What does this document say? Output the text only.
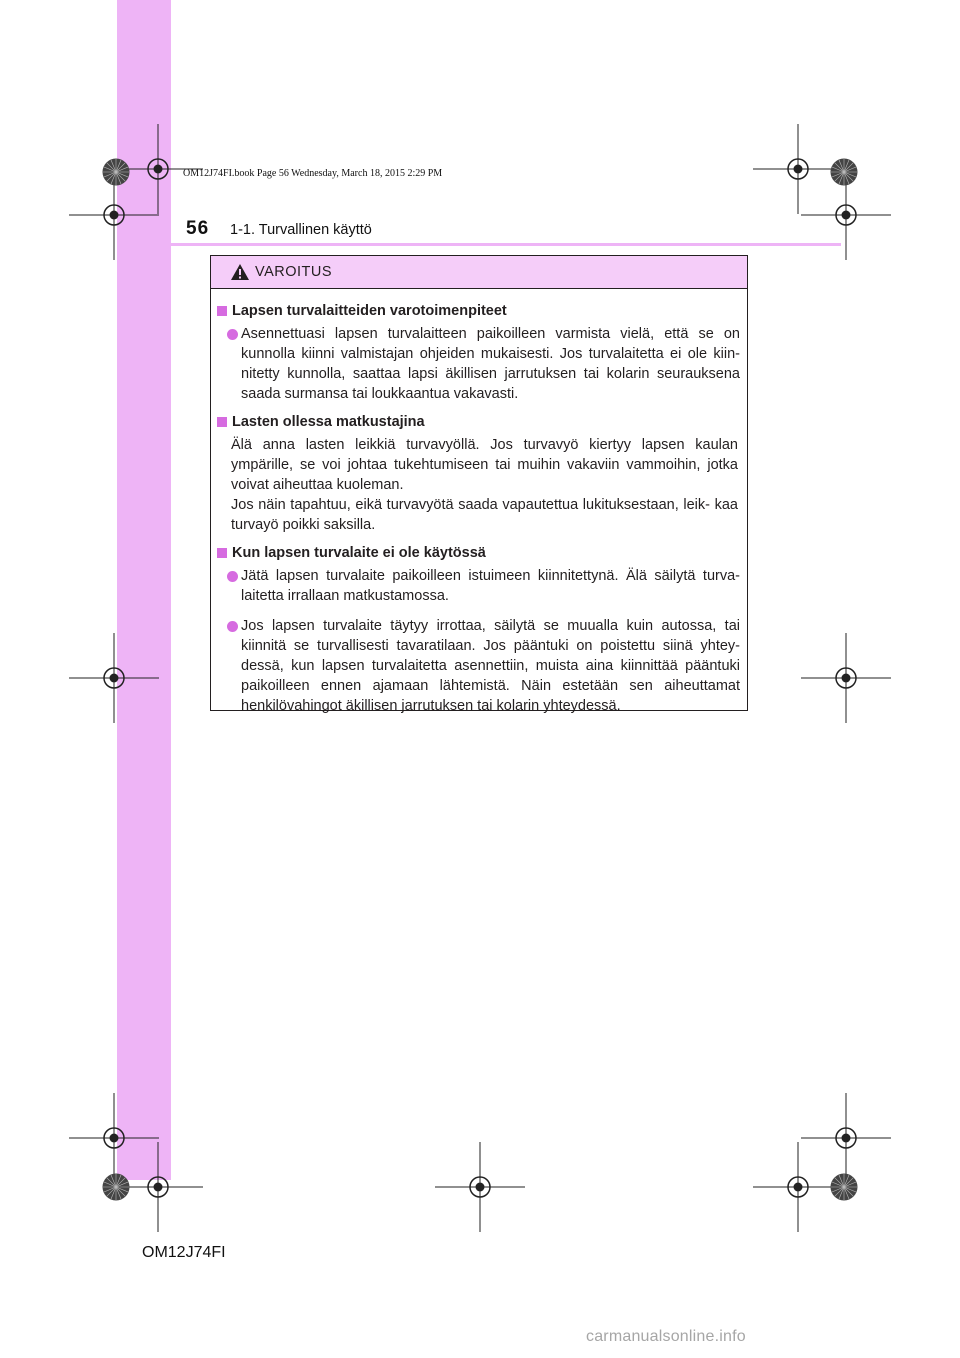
OM12J74FI.book Page 56 Wednesday, March 18, 2015 2:29 PM
56 1-1. Turvallinen käyttö
VAROITUS
Lapsen turvalaitteiden varotoimenpiteet
Asennettuasi lapsen turvalaitteen paikoilleen varmista vielä, että se on kunnolla kiinni valmistajan ohjeiden mukaisesti. Jos turvalaitetta ei ole kiin- nitetty kunnolla, saattaa lapsi äkillisen jarrutuksen tai kolarin seurauksena saada surmansa tai loukkaantua vakavasti.
Lasten ollessa matkustajina
Älä anna lasten leikkiä turvavyöllä. Jos turvavyö kiertyy lapsen kaulan ympärille, se voi johtaa tukehtumiseen tai muihin vakaviin vammoihin, jotka voivat aiheuttaa kuoleman.
Jos näin tapahtuu, eikä turvavyötä saada vapautettua lukituksestaan, leik- kaa turvayö poikki saksilla.
Kun lapsen turvalaite ei ole käytössä
Jätä lapsen turvalaite paikoilleen istuimeen kiinnitettynä. Älä säilytä turva- laitetta irrallaan matkustamossa.
Jos lapsen turvalaite täytyy irrottaa, säilytä se muualla kuin autossa, tai kiinnitä se turvallisesti tavaratilaan. Jos pääntuki on poistettu siinä yhtey- dessä, kun lapsen turvalaitetta asennettiin, muista aina kiinnittää pääntuki paikoilleen ennen ajamaan lähtemistä. Näin estetään sen aiheuttamat henkilövahingot äkillisen jarrutuksen tai kolarin yhteydessä.
OM12J74FI
carmanualsonline.info
